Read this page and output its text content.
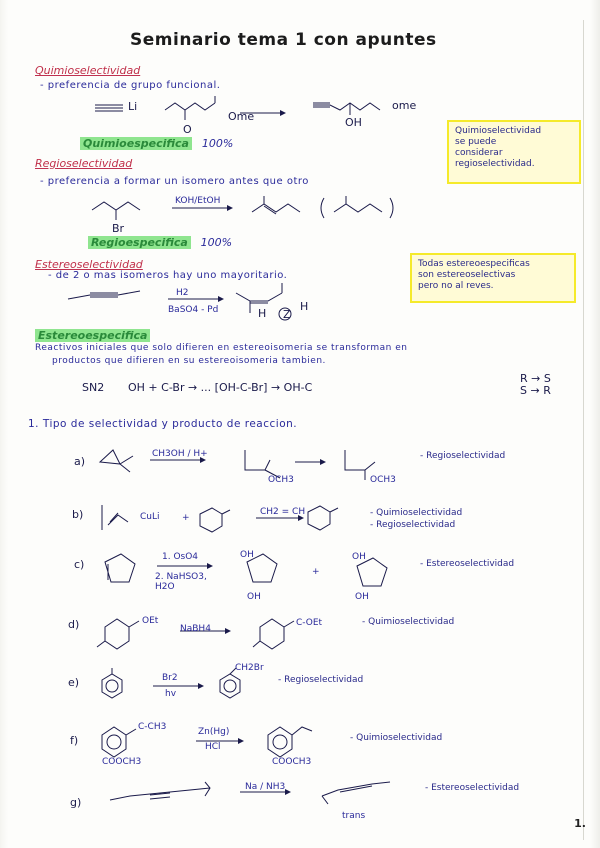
Seminario tema 1 con apuntes
Quimioselectividad
- preferencia de grupo funcional.
Li
Ome
O
ome
OH
Quimioespecifica 100%
Quimioselectividad
se puede
considerar
regioselectividad.
Regioselectividad
- preferencia a formar un isomero antes que otro
KOH/EtOH
Br
Regioespecifica 100%
Todas estereoespecificas
son estereoselectivas
pero no al reves.
Estereoselectividad
- de 2 o mas isomeros hay uno mayoritario.
H2
BaSO4 - Pd	H
H
Z
Estereoespecifica
Reactivos iniciales que solo difieren en estereoisomeria se transforman en
productos que difieren en su estereoisomeria tambien.
SN2 OH + C-Br → ... [OH-C-Br] → OH-C
R → S
S → R
1. Tipo de selectividad y producto de reaccion.
a)
CH3OH / H+
OCH3	OCH3
- Regioselectividad
b)	CuLi +
CH2 = CH	- Quimioselectividad
- Regioselectividad
c)
1. OsO4
2. NaHSO3, H2O
OH
OH
+
OH
OH
- Estereoselectividad
d)	OEt
NaBH4
C-OEt	- Quimioselectividad
e)	Br2
hv
CH2Br
- Regioselectividad
f)
C-CH3
COOCH3
Zn(Hg)
HCl
COOCH3
- Quimioselectividad
g)
Na / NH3
trans
- Estereoselectividad
1.
